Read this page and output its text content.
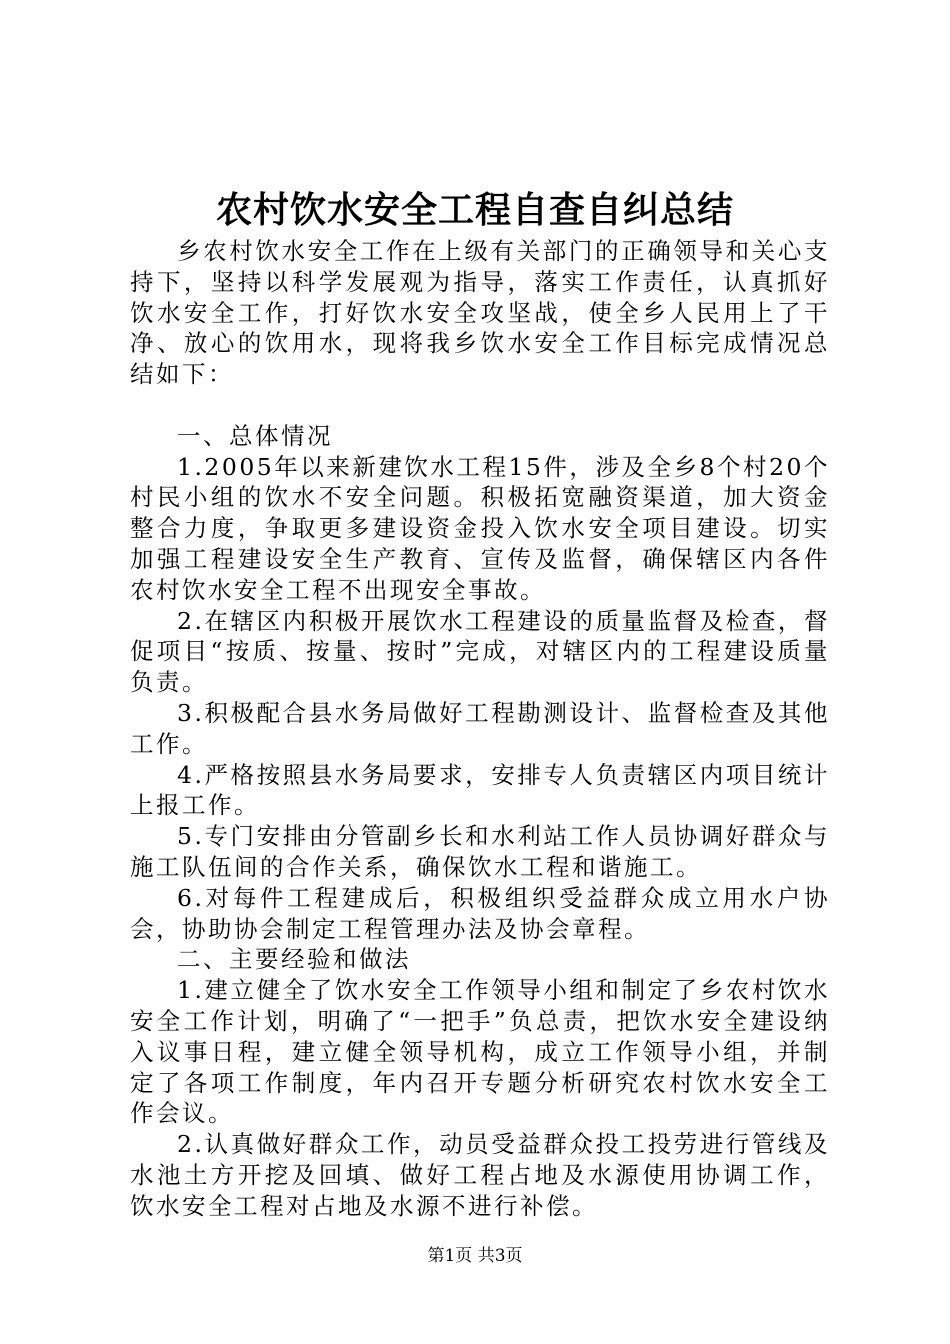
农村饮水安全工程自查自纠总结

乡农村饮水安全工作在上级有关部门的正确领导和关心支持下，坚持以科学发展观为指导，落实工作责任，认真抓好饮水安全工作，打好饮水安全攻坚战，使全乡人民用上了干净、放心的饮用水，现将我乡饮水安全工作目标完成情况总结如下：

一、总体情况

1.2005年以来新建饮水工程15件，涉及全乡8个村20个村民小组的饮水不安全问题。积极拓宽融资渠道，加大资金整合力度，争取更多建设资金投入饮水安全项目建设。切实加强工程建设安全生产教育、宣传及监督，确保辖区内各件农村饮水安全工程不出现安全事故。

2.在辖区内积极开展饮水工程建设的质量监督及检查，督促项目“按质、按量、按时”完成，对辖区内的工程建设质量负责。

3.积极配合县水务局做好工程勘测设计、监督检查及其他工作。

4.严格按照县水务局要求，安排专人负责辖区内项目统计上报工作。

5.专门安排由分管副乡长和水利站工作人员协调好群众与施工队伍间的合作关系，确保饮水工程和谐施工。

6.对每件工程建成后，积极组织受益群众成立用水户协会，协助协会制定工程管理办法及协会章程。

二、主要经验和做法

1.建立健全了饮水安全工作领导小组和制定了乡农村饮水安全工作计划，明确了“一把手”负总责，把饮水安全建设纳入议事日程，建立健全领导机构，成立工作领导小组，并制定了各项工作制度，年内召开专题分析研究农村饮水安全工作会议。

2.认真做好群众工作，动员受益群众投工投劳进行管线及水池土方开挖及回填、做好工程占地及水源使用协调工作，饮水安全工程对占地及水源不进行补偿。

第1页 共3页
